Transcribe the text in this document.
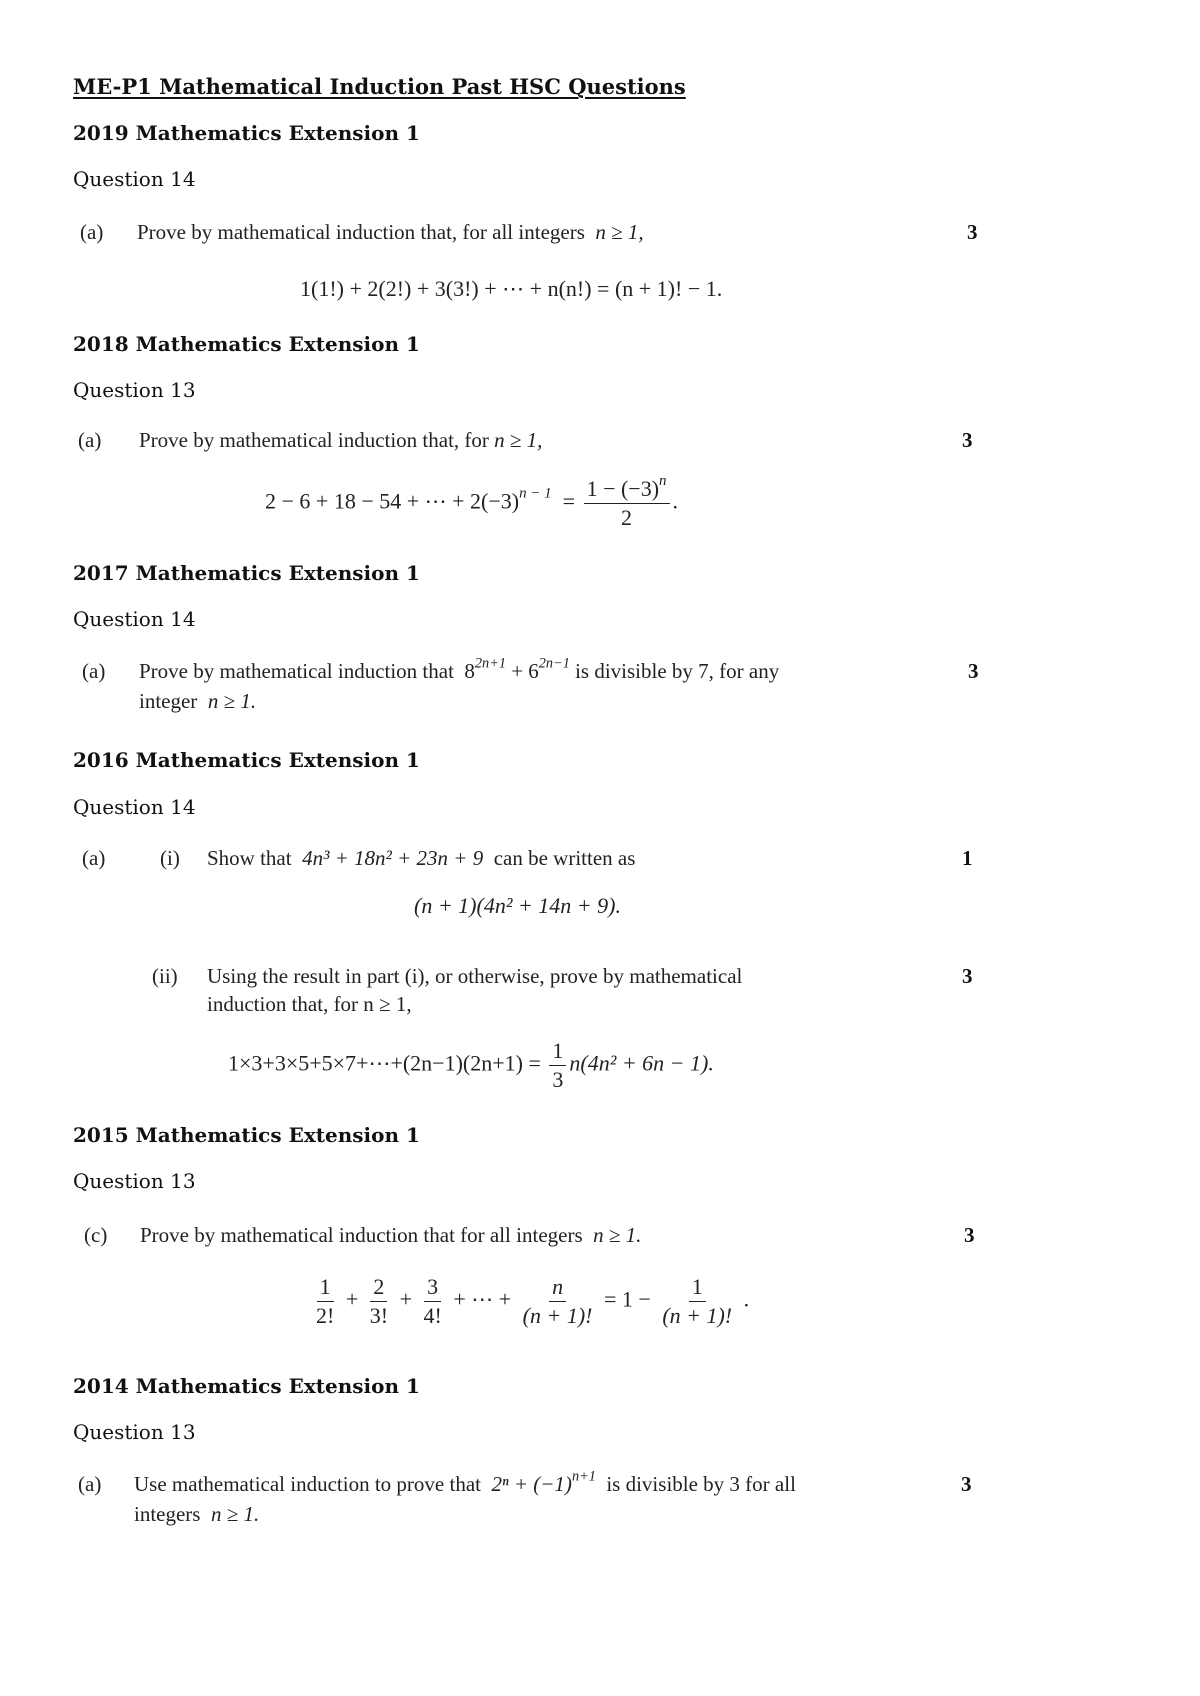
ME-P1 Mathematical Induction Past HSC Questions
2019 Mathematics Extension 1
Question 14
(a) Prove by mathematical induction that, for all integers n ≥ 1,	3
1(1!) + 2(2!) + 3(3!) + ⋯ + n(n!) = (n + 1)! − 1.
2018 Mathematics Extension 1
Question 13
(a) Prove by mathematical induction that, for n ≥ 1,	3
2 − 6 + 18 − 54 + ⋯ + $2(-3)^{n - 1} = \frac{1 - (-3)^n}{2}$ .
2017 Mathematics Extension 1
Question 14
(a) Prove by mathematical induction that $8^{2n+1} + 6^{2n-1}$ is divisible by 7, for any
integer n ≥ 1.
3
2016 Mathematics Extension 1
Question 14
(a)	(i) Show that 4n³ + 18n² + 23n + 9 can be written as	1
(n + 1)(4n² + 14n + 9).
(ii) Using the result in part (i), or otherwise, prove by mathematical
induction that, for n ≥ 1,
3
1×3+3×5+5×7+⋯+(2n−1)(2n+1) = $\frac{1}{3} n(4n^2 + 6n - 1)$.
2015 Mathematics Extension 1
Question 13
(c) Prove by mathematical induction that for all integers n ≥ 1.	3
$\frac{1}{2!} + \frac{2}{3!} + \frac{3}{4!}$ + ⋯ + $\frac{n}{(n + 1)!} = 1 - \frac{1}{(n + 1)!}$ .
2014 Mathematics Extension 1
Question 13
(a) Use mathematical induction to prove that $2^n + (-1)^{n+1}$ is divisible by 3 for all
integers n ≥ 1.
3
